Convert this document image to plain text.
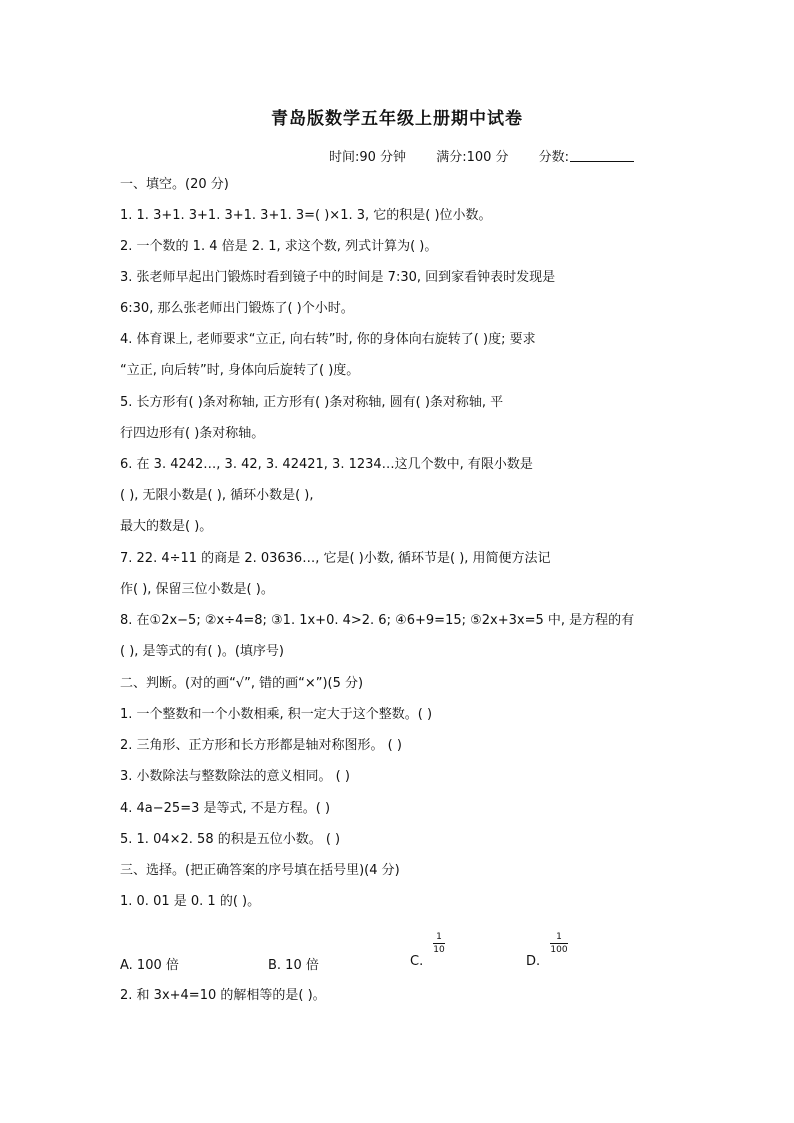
青岛版数学五年级上册期中试卷
时间:90 分钟 满分:100 分 分数:
一、填空。(20 分)
1. 1. 3+1. 3+1. 3+1. 3+1. 3=( )×1. 3, 它的积是( )位小数。
2. 一个数的 1. 4 倍是 2. 1, 求这个数, 列式计算为( )。
3. 张老师早起出门锻炼时看到镜子中的时间是 7:30, 回到家看钟表时发现是
6:30, 那么张老师出门锻炼了( )个小时。
4. 体育课上, 老师要求“立正, 向右转”时, 你的身体向右旋转了( )度; 要求
“立正, 向后转”时, 身体向后旋转了( )度。
5. 长方形有( )条对称轴, 正方形有( )条对称轴, 圆有( )条对称轴, 平
行四边形有( )条对称轴。
6. 在 3. 4242…, 3. 42, 3. 42421, 3. 1234…这几个数中, 有限小数是
( ), 无限小数是( ), 循环小数是( ),
最大的数是( )。
7. 22. 4÷11 的商是 2. 03636…, 它是( )小数, 循环节是( ), 用简便方法记
作( ), 保留三位小数是( )。
8. 在①2x−5; ②x÷4=8; ③1. 1x+0. 4>2. 6; ④6+9=15; ⑤2x+3x=5 中, 是方程的有
( ), 是等式的有( )。(填序号)
二、判断。(对的画“√”, 错的画“×”)(5 分)
1. 一个整数和一个小数相乘, 积一定大于这个整数。( )
2. 三角形、正方形和长方形都是轴对称图形。 ( )
3. 小数除法与整数除法的意义相同。 ( )
4. 4a−25=3 是等式, 不是方程。( )
5. 1. 04×2. 58 的积是五位小数。 ( )
三、选择。(把正确答案的序号填在括号里)(4 分)
1. 0. 01 是 0. 1 的( )。
A. 100 倍	B. 10 倍	C.
1
10
D.
1
100
2. 和 3x+4=10 的解相等的是( )。
